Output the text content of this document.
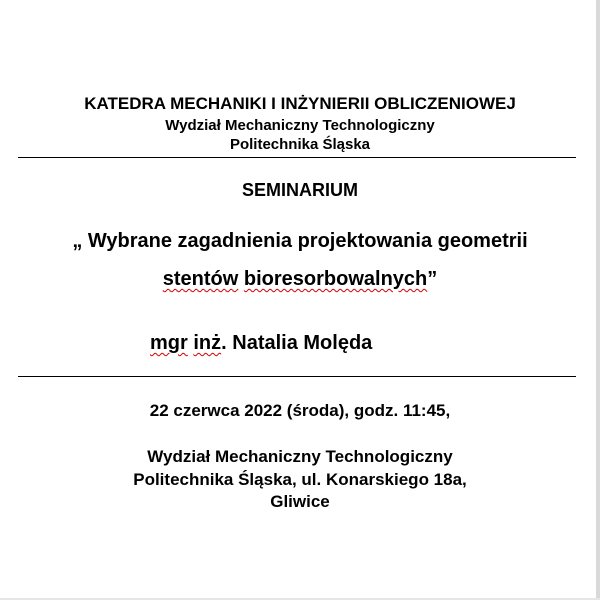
KATEDRA MECHANIKI I INŻYNIERII OBLICZENIOWEJ
Wydział Mechaniczny Technologiczny
Politechnika Śląska
SEMINARIUM
„ Wybrane zagadnienia projektowania geometrii
stentów bioresorbowalnych”
mgr inż. Natalia Molęda
22 czerwca 2022 (środa), godz. 11:45,
Wydział Mechaniczny Technologiczny
Politechnika Śląska, ul. Konarskiego 18a,
Gliwice
